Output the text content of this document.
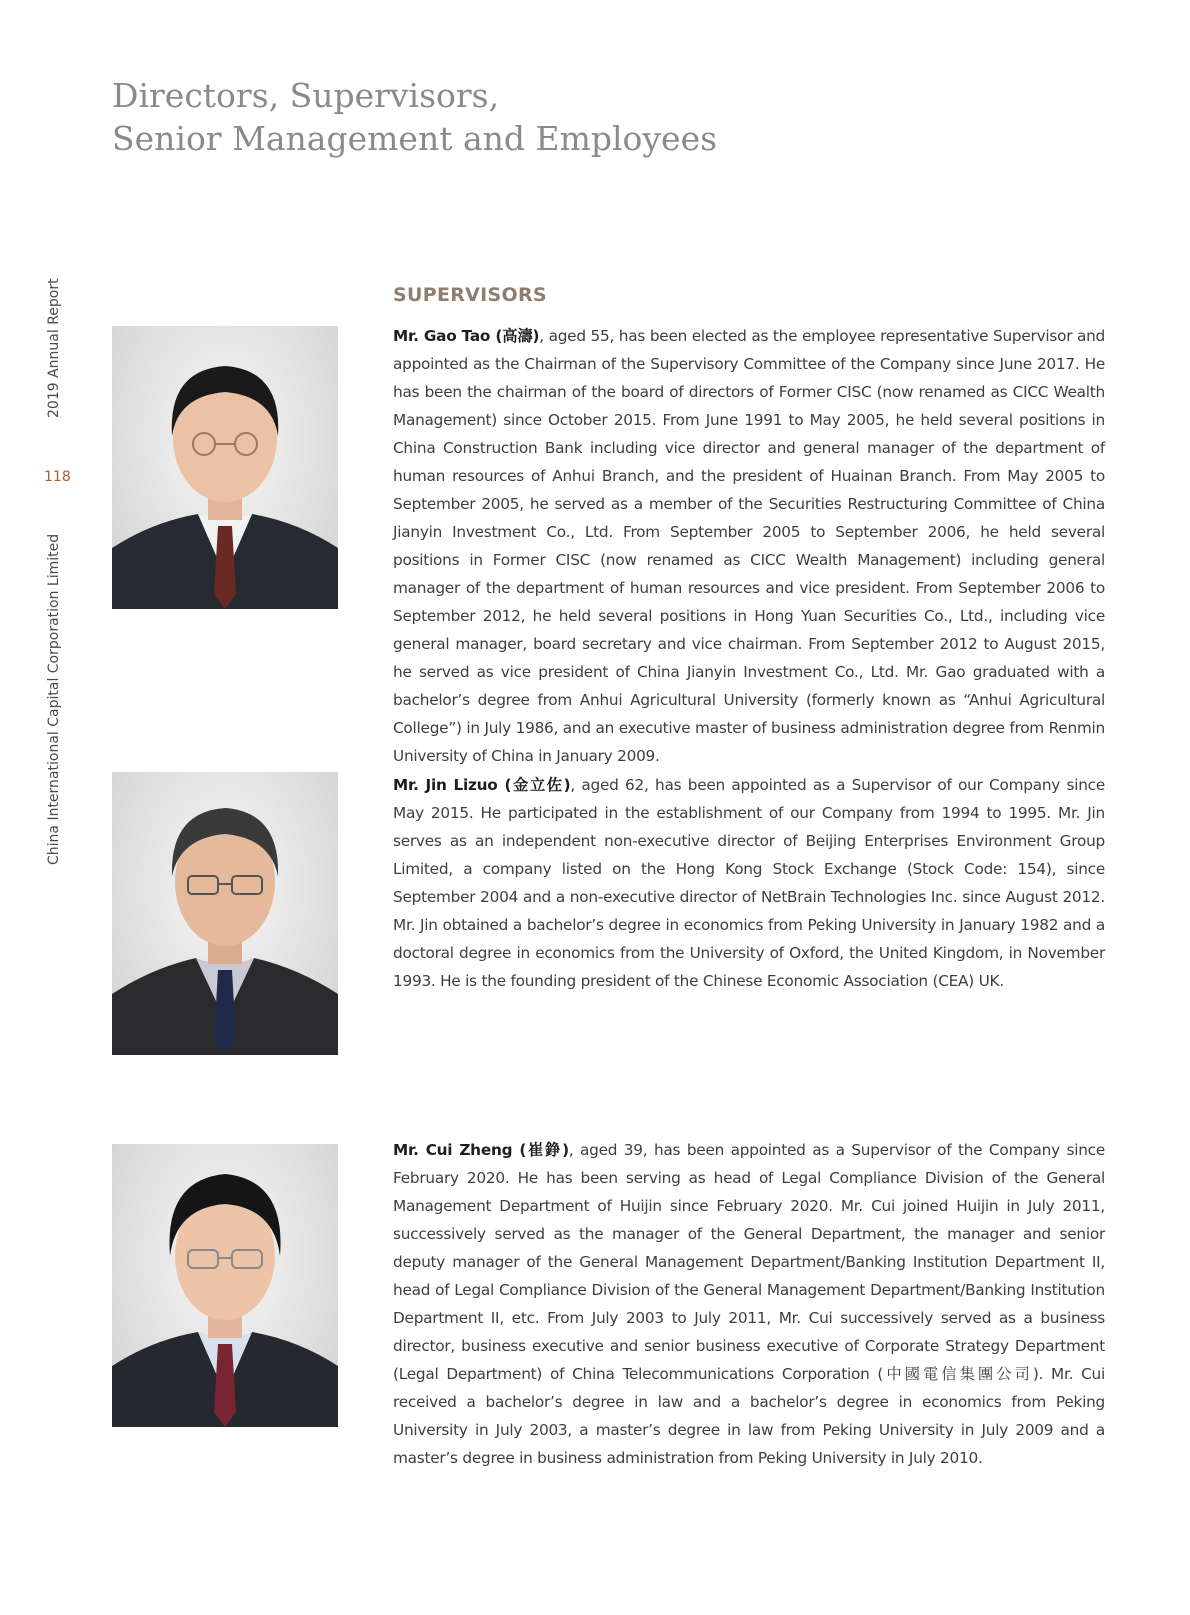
Directors, Supervisors,
Senior Management and Employees
2019 Annual Report
118
China International Capital Corporation Limited
SUPERVISORS

Mr. Gao Tao (高濤), aged 55, has been elected as the employee representative Supervisor and appointed as the Chairman of the Supervisory Committee of the Company since June 2017. He has been the chairman of the board of directors of Former CISC (now renamed as CICC Wealth Management) since October 2015. From June 1991 to May 2005, he held several positions in China Construction Bank including vice director and general manager of the department of human resources of Anhui Branch, and the president of Huainan Branch. From May 2005 to September 2005, he served as a member of the Securities Restructuring Committee of China Jianyin Investment Co., Ltd. From September 2005 to September 2006, he held several positions in Former CISC (now renamed as CICC Wealth Management) including general manager of the department of human resources and vice president. From September 2006 to September 2012, he held several positions in Hong Yuan Securities Co., Ltd., including vice general manager, board secretary and vice chairman. From September 2012 to August 2015, he served as vice president of China Jianyin Investment Co., Ltd. Mr. Gao graduated with a bachelor’s degree from Anhui Agricultural University (formerly known as “Anhui Agricultural College”) in July 1986, and an executive master of business administration degree from Renmin University of China in January 2009.

Mr. Jin Lizuo (金立佐), aged 62, has been appointed as a Supervisor of our Company since May 2015. He participated in the establishment of our Company from 1994 to 1995. Mr. Jin serves as an independent non-executive director of Beijing Enterprises Environment Group Limited, a company listed on the Hong Kong Stock Exchange (Stock Code: 154), since September 2004 and a non-executive director of NetBrain Technologies Inc. since August 2012. Mr. Jin obtained a bachelor’s degree in economics from Peking University in January 1982 and a doctoral degree in economics from the University of Oxford, the United Kingdom, in November 1993. He is the founding president of the Chinese Economic Association (CEA) UK.

Mr. Cui Zheng (崔錚), aged 39, has been appointed as a Supervisor of the Company since February 2020. He has been serving as head of Legal Compliance Division of the General Management Department of Huijin since February 2020. Mr. Cui joined Huijin in July 2011, successively served as the manager of the General Department, the manager and senior deputy manager of the General Management Department/Banking Institution Department II, head of Legal Compliance Division of the General Management Department/Banking Institution Department II, etc. From July 2003 to July 2011, Mr. Cui successively served as a business director, business executive and senior business executive of Corporate Strategy Department (Legal Department) of China Telecommunications Corporation (中國電信集團公司). Mr. Cui received a bachelor’s degree in law and a bachelor’s degree in economics from Peking University in July 2003, a master’s degree in law from Peking University in July 2009 and a master’s degree in business administration from Peking University in July 2010.
